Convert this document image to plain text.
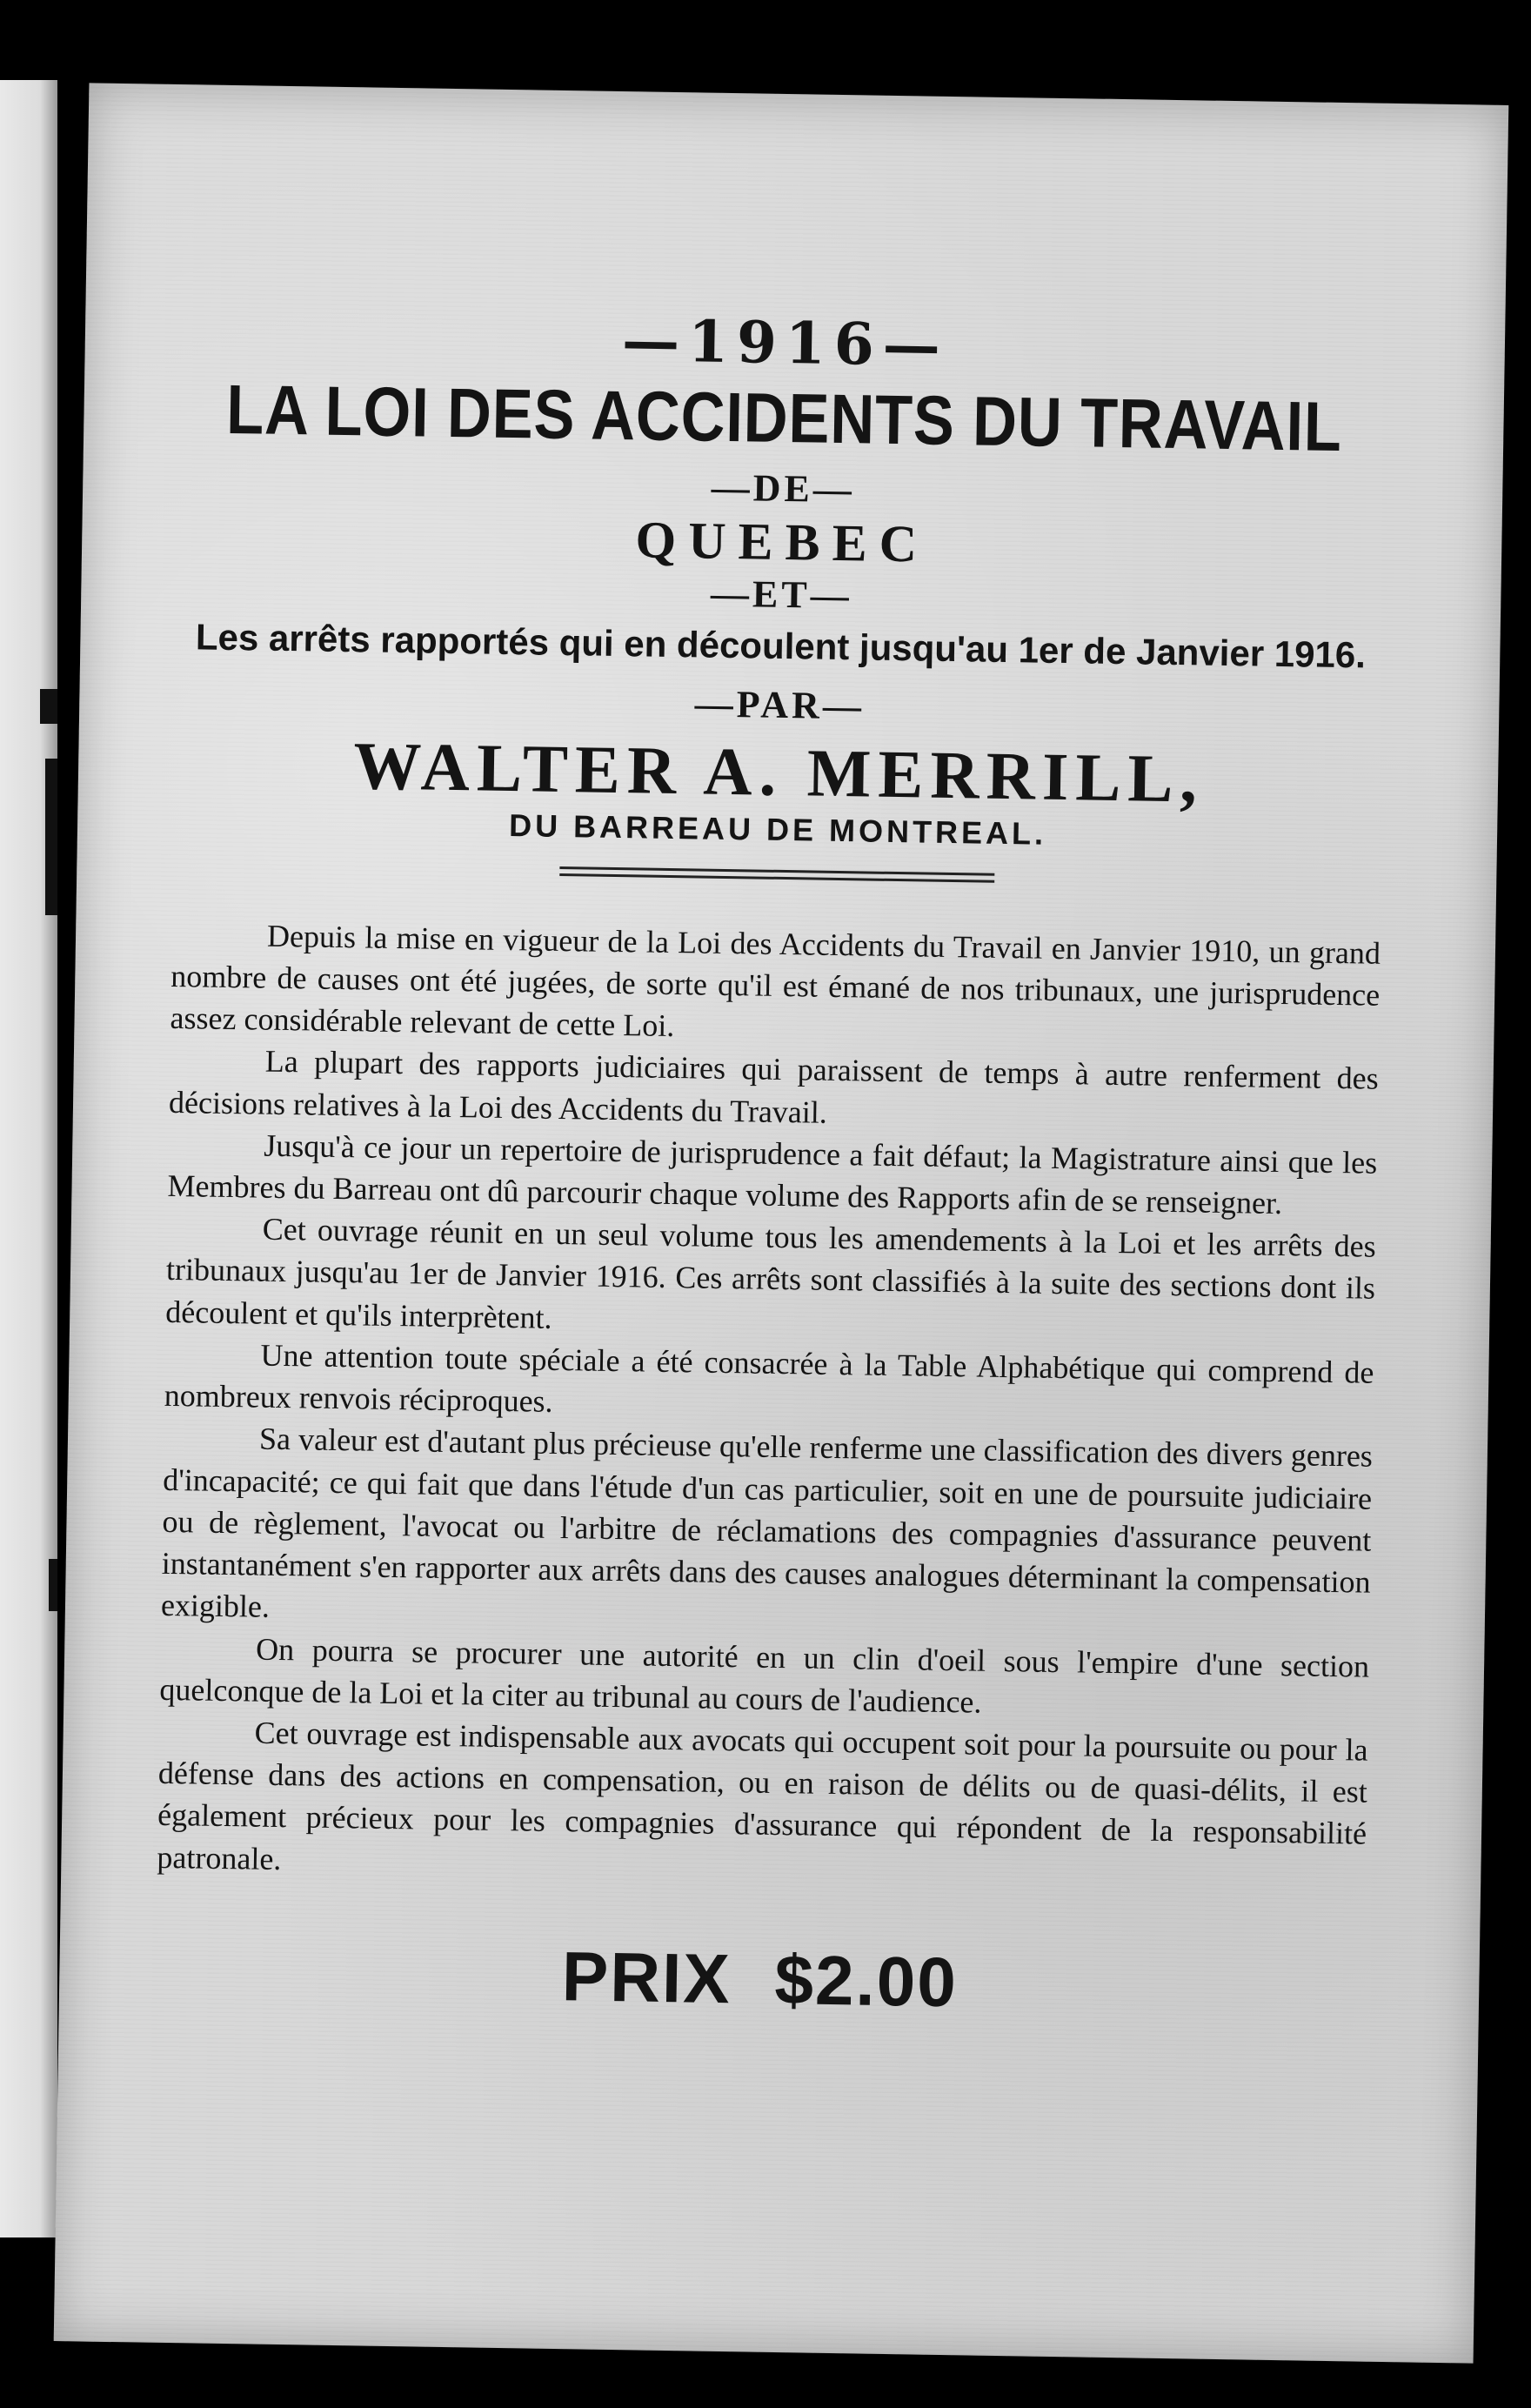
—1916—
LA LOI DES ACCIDENTS DU TRAVAIL
—DE—
QUEBEC
—ET—
Les arrêts rapportés qui en découlent jusqu'au 1er de Janvier 1916.
—PAR—
WALTER A. MERRILL,
DU BARREAU DE MONTREAL.

Depuis la mise en vigueur de la Loi des Accidents du Travail en Janvier 1910, un grand nombre de causes ont été jugées, de sorte qu'il est émané de nos tribunaux, une jurisprudence assez considérable relevant de cette Loi.

La plupart des rapports judiciaires qui paraissent de temps à autre renferment des décisions relatives à la Loi des Accidents du Travail.

Jusqu'à ce jour un repertoire de jurisprudence a fait défaut; la Magistrature ainsi que les Membres du Barreau ont dû parcourir chaque volume des Rapports afin de se renseigner.

Cet ouvrage réunit en un seul volume tous les amendements à la Loi et les arrêts des tribunaux jusqu'au 1er de Janvier 1916. Ces arrêts sont classifiés à la suite des sections dont ils découlent et qu'ils interprètent.

Une attention toute spéciale a été consacrée à la Table Alphabétique qui comprend de nombreux renvois réciproques.

Sa valeur est d'autant plus précieuse qu'elle renferme une classification des divers genres d'incapacité; ce qui fait que dans l'étude d'un cas particulier, soit en une de poursuite judiciaire ou de règlement, l'avocat ou l'arbitre de réclamations des compagnies d'assurance peuvent instantanément s'en rapporter aux arrêts dans des causes analogues déterminant la compensation exigible.

On pourra se procurer une autorité en un clin d'oeil sous l'empire d'une section quelconque de la Loi et la citer au tribunal au cours de l'audience.

Cet ouvrage est indispensable aux avocats qui occupent soit pour la poursuite ou pour la défense dans des actions en compensation, ou en raison de délits ou de quasi-délits, il est également précieux pour les compagnies d'assurance qui répondent de la responsabilité patronale.

PRIX $2.00
